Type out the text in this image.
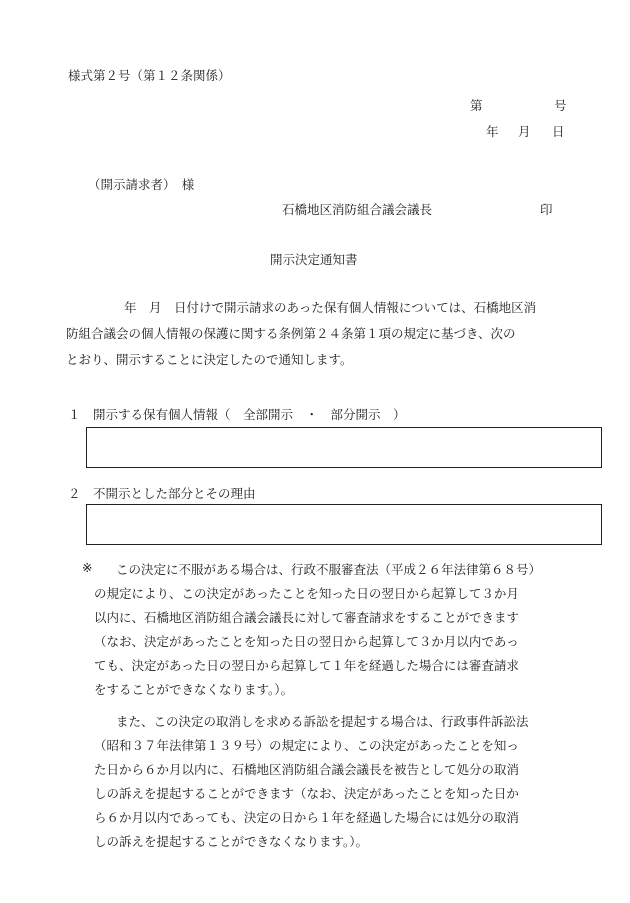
様式第２号（第１２条関係）
第	号
年 月 日
（開示請求者）　様
石橋地区消防組合議会議長	印
開示決定通知書
年　月　日付けで開示請求のあった保有個人情報については、石橋地区消
防組合議会の個人情報の保護に関する条例第２４条第１項の規定に基づき、次の
とおり、開示することに決定したので通知します。
１　開示する保有個人情報（　全部開示　・　部分開示　）
２　不開示とした部分とその理由
※ この決定に不服がある場合は、行政不服審査法（平成２６年法律第６８号）
の規定により、この決定があったことを知った日の翌日から起算して３か月
以内に、石橋地区消防組合議会議長に対して審査請求をすることができます
（なお、決定があったことを知った日の翌日から起算して３か月以内であっ
ても、決定があった日の翌日から起算して１年を経過した場合には審査請求
をすることができなくなります。）。
また、この決定の取消しを求める訴訟を提起する場合は、行政事件訴訟法
（昭和３７年法律第１３９号）の規定により、この決定があったことを知っ
た日から６か月以内に、石橋地区消防組合議会議長を被告として処分の取消
しの訴えを提起することができます（なお、決定があったことを知った日か
ら６か月以内であっても、決定の日から１年を経過した場合には処分の取消
しの訴えを提起することができなくなります。）。
